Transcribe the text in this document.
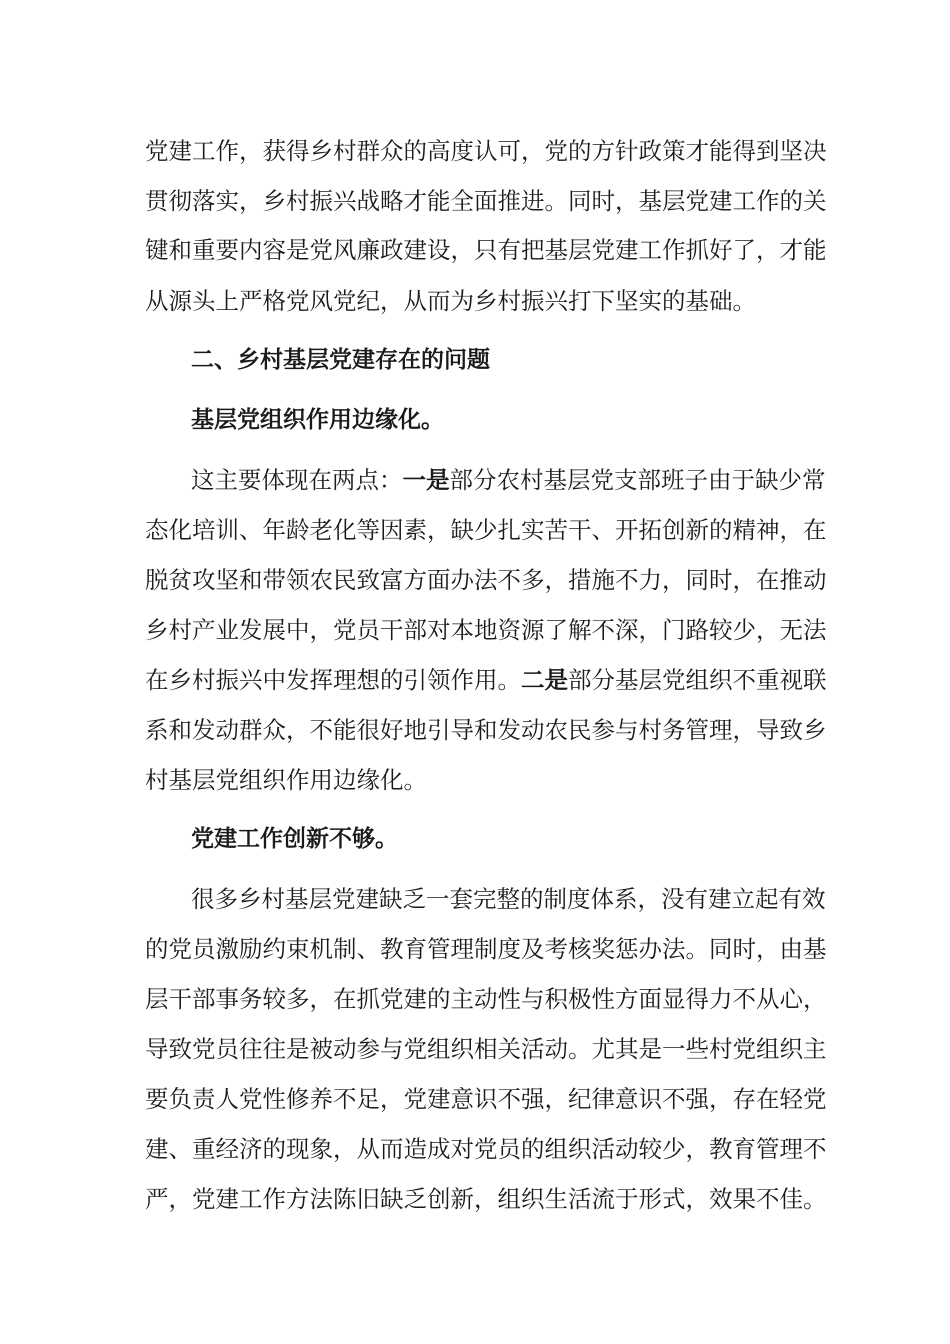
党 建 工 作 ， 获 得 乡 村 群 众 的 高 度 认 可 ， 党 的 方 针 政 策 才 能 得 到 坚 决
贯 彻 落 实 ， 乡 村 振 兴 战 略 才 能 全 面 推 进 。 同 时 ， 基 层 党 建 工 作 的 关
键 和 重 要 内 容 是 党 风 廉 政 建 设 ， 只 有 把 基 层 党 建 工 作 抓 好 了 ， 才 能
从源头上严格党风党纪，从而为乡村振兴打下坚实的基础。
二、乡村基层党建存在的问题
基层党组织作用边缘化。
这 主 要 体 现 在 两 点 ： 一 是 部 分 农 村 基 层 党 支 部 班 子 由 于 缺 少 常
态 化 培 训 、 年 龄 老 化 等 因 素 ， 缺 少 扎 实 苦 干 、 开 拓 创 新 的 精 神 ， 在
脱 贫 攻 坚 和 带 领 农 民 致 富 方 面 办 法 不 多 ， 措 施 不 力 ， 同 时 ， 在 推 动
乡 村 产 业 发 展 中 ， 党 员 干 部 对 本 地 资 源 了 解 不 深 ， 门 路 较 少 ， 无 法
在 乡 村 振 兴 中 发 挥 理 想 的 引 领 作 用 。 二 是 部 分 基 层 党 组 织 不 重 视 联
系 和 发 动 群 众 ， 不 能 很 好 地 引 导 和 发 动 农 民 参 与 村 务 管 理 ， 导 致 乡
村基层党组织作用边缘化。
党建工作创新不够。
很 多 乡 村 基 层 党 建 缺 乏 一 套 完 整 的 制 度 体 系 ， 没 有 建 立 起 有 效
的 党 员 激 励 约 束 机 制 、 教 育 管 理 制 度 及 考 核 奖 惩 办 法 。 同 时 ， 由 基
层 干 部 事 务 较 多 ， 在 抓 党 建 的 主 动 性 与 积 极 性 方 面 显 得 力 不 从 心 ，
导 致 党 员 往 往 是 被 动 参 与 党 组 织 相 关 活 动 。 尤 其 是 一 些 村 党 组 织 主
要 负 责 人 党 性 修 养 不 足 ， 党 建 意 识 不 强 ， 纪 律 意 识 不 强 ， 存 在 轻 党
建 、 重 经 济 的 现 象 ， 从 而 造 成 对 党 员 的 组 织 活 动 较 少 ， 教 育 管 理 不
严 ， 党 建 工 作 方 法 陈 旧 缺 乏 创 新 ， 组 织 生 活 流 于 形 式 ， 效 果 不 佳 。
